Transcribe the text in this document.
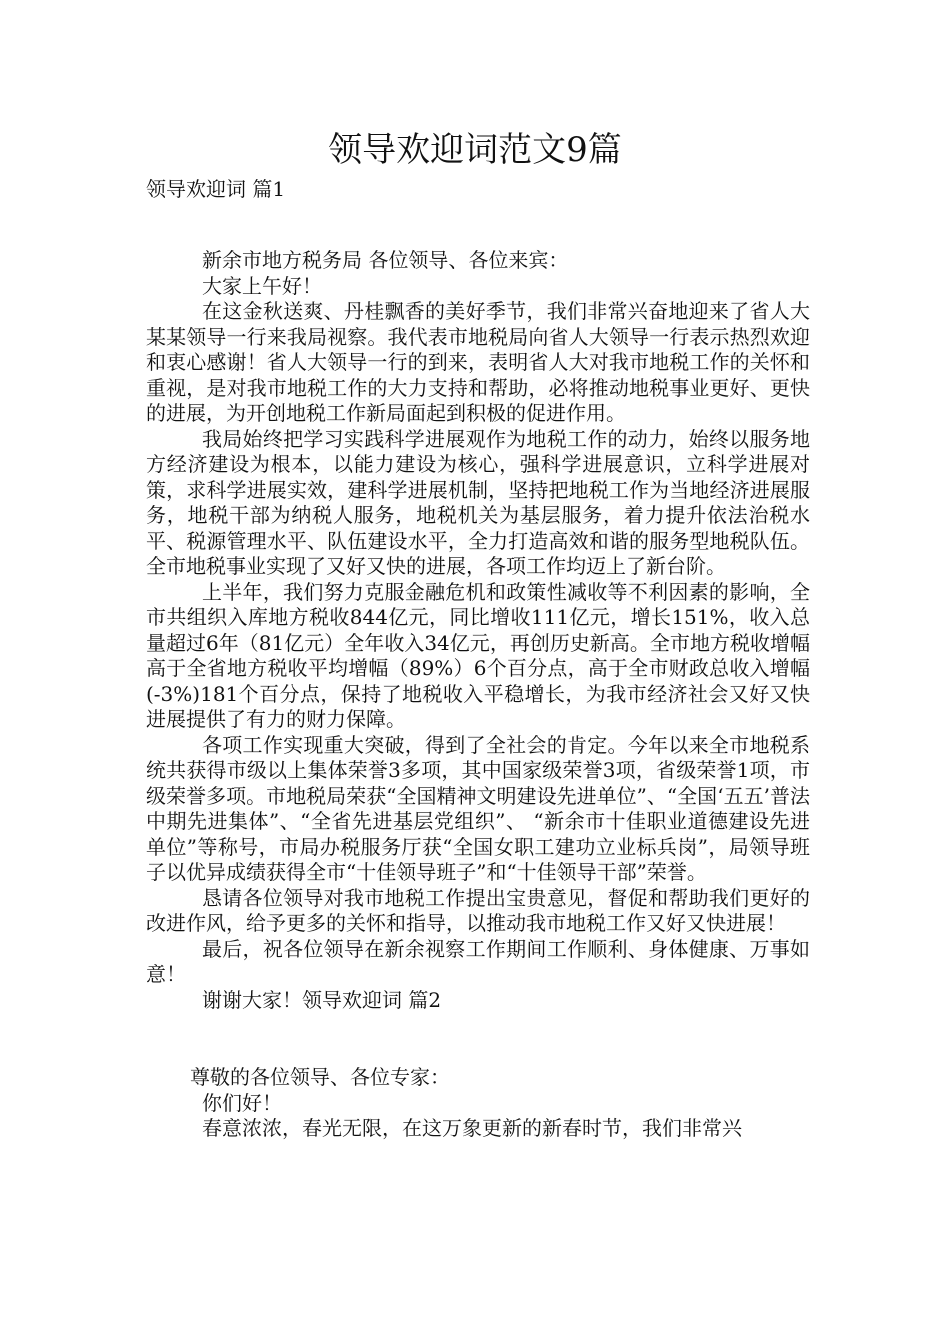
领导欢迎词范文9篇
领导欢迎词 篇1

新余市地方税务局 各位领导、各位来宾：

大家上午好！

在这金秋送爽、丹桂飘香的美好季节，我们非常兴奋地迎来了省人大某某领导一行来我局视察。我代表市地税局向省人大领导一行表示热烈欢迎和衷心感谢！省人大领导一行的到来，表明省人大对我市地税工作的关怀和重视，是对我市地税工作的大力支持和帮助，必将推动地税事业更好、更快的进展，为开创地税工作新局面起到积极的促进作用。

我局始终把学习实践科学进展观作为地税工作的动力，始终以服务地方经济建设为根本，以能力建设为核心，强科学进展意识，立科学进展对策，求科学进展实效，建科学进展机制，坚持把地税工作为当地经济进展服务，地税干部为纳税人服务，地税机关为基层服务，着力提升依法治税水平、税源管理水平、队伍建设水平，全力打造高效和谐的服务型地税队伍。全市地税事业实现了又好又快的进展，各项工作均迈上了新台阶。

上半年，我们努力克服金融危机和政策性减收等不利因素的影响，全市共组织入库地方税收844亿元，同比增收111亿元，增长151%，收入总量超过6年（81亿元）全年收入34亿元，再创历史新高。全市地方税收增幅高于全省地方税收平均增幅（89%）6个百分点，高于全市财政总收入增幅(-3%)181个百分点，保持了地税收入平稳增长，为我市经济社会又好又快进展提供了有力的财力保障。

各项工作实现重大突破，得到了全社会的肯定。今年以来全市地税系统共获得市级以上集体荣誉3多项，其中国家级荣誉3项，省级荣誉1项，市级荣誉多项。市地税局荣获“全国精神文明建设先进单位”、“全国‘五五’普法中期先进集体”、“全省先进基层党组织”、 “新余市十佳职业道德建设先进单位”等称号，市局办税服务厅获“全国女职工建功立业标兵岗”，局领导班子以优异成绩获得全市“十佳领导班子”和“十佳领导干部”荣誉。

恳请各位领导对我市地税工作提出宝贵意见，督促和帮助我们更好的改进作风，给予更多的关怀和指导，以推动我市地税工作又好又快进展！

最后，祝各位领导在新余视察工作期间工作顺利、身体健康、万事如意！

谢谢大家！领导欢迎词 篇2

尊敬的各位领导、各位专家：

你们好！

春意浓浓，春光无限，在这万象更新的新春时节，我们非常兴
